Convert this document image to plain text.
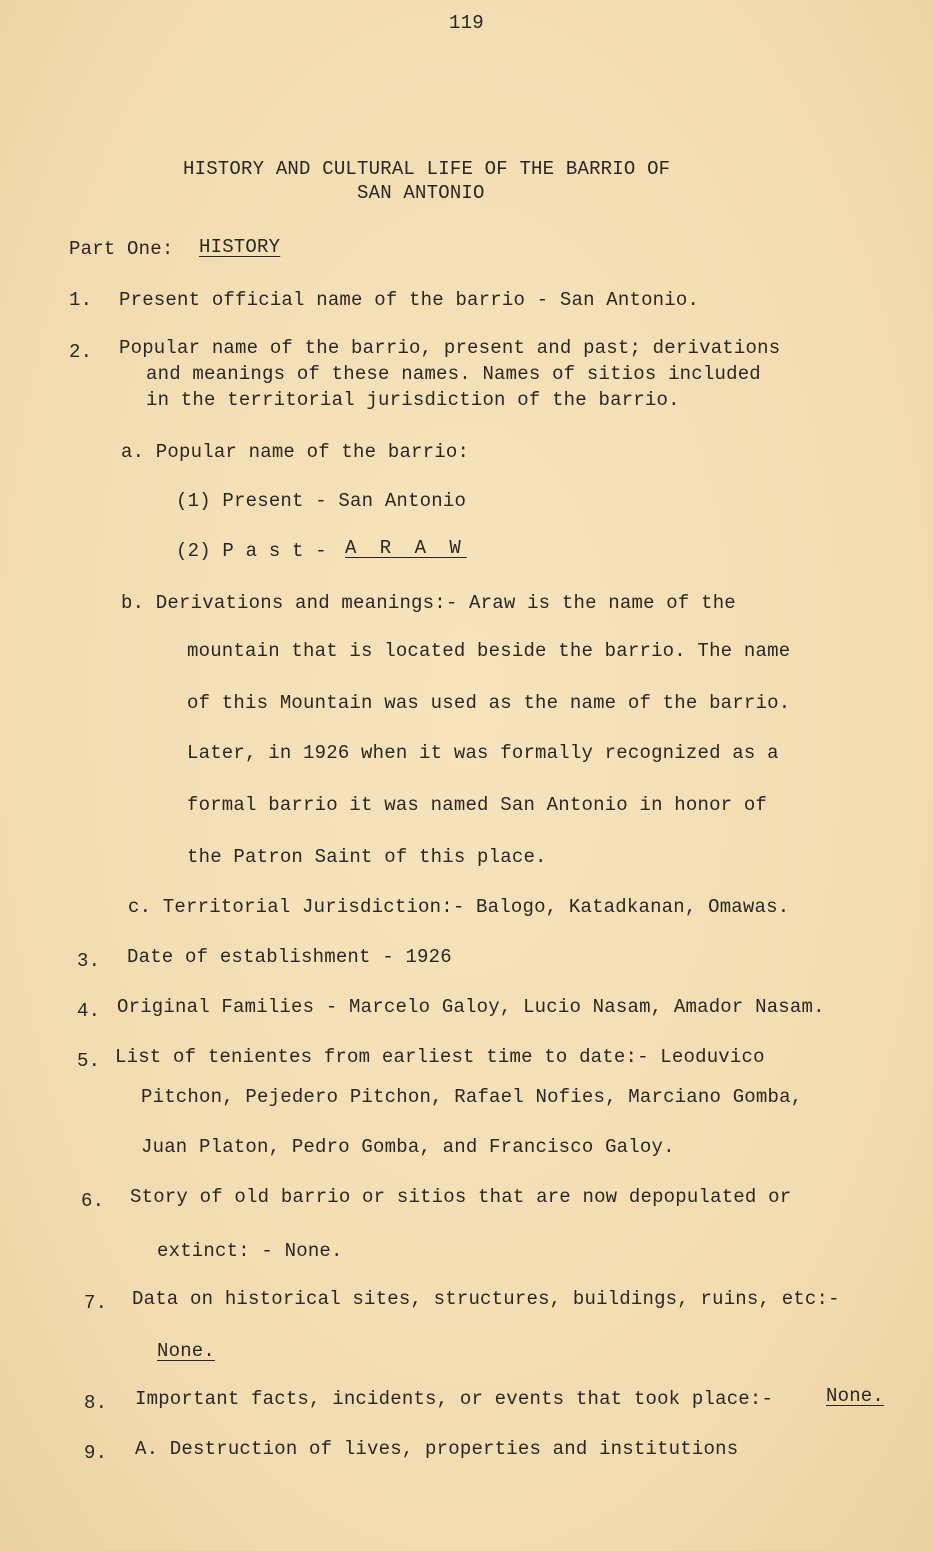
119
HISTORY AND CULTURAL LIFE OF THE BARRIO OF
SAN ANTONIO
Part One: HISTORY
1. Present official name of the barrio - San Antonio.
2. Popular name of the barrio, present and past; derivations
and meanings of these names. Names of sitios included
in the territorial jurisdiction of the barrio.
a. Popular name of the barrio:
(1) Present - San Antonio
(2) P a s t - A R A W
b. Derivations and meanings:- Araw is the name of the
mountain that is located beside the barrio. The name
of this Mountain was used as the name of the barrio.
Later, in 1926 when it was formally recognized as a
formal barrio it was named San Antonio in honor of
the Patron Saint of this place.
c. Territorial Jurisdiction:- Balogo, Katadkanan, Omawas.
3. Date of establishment - 1926
4. Original Families - Marcelo Galoy, Lucio Nasam, Amador Nasam.
5. List of tenientes from earliest time to date:- Leoduvico
Pitchon, Pejedero Pitchon, Rafael Nofies, Marciano Gomba,
Juan Platon, Pedro Gomba, and Francisco Galoy.
6. Story of old barrio or sitios that are now depopulated or
extinct: - None.
7. Data on historical sites, structures, buildings, ruins, etc:-
None.
8. Important facts, incidents, or events that took place:-	None.
9. A. Destruction of lives, properties and institutions
